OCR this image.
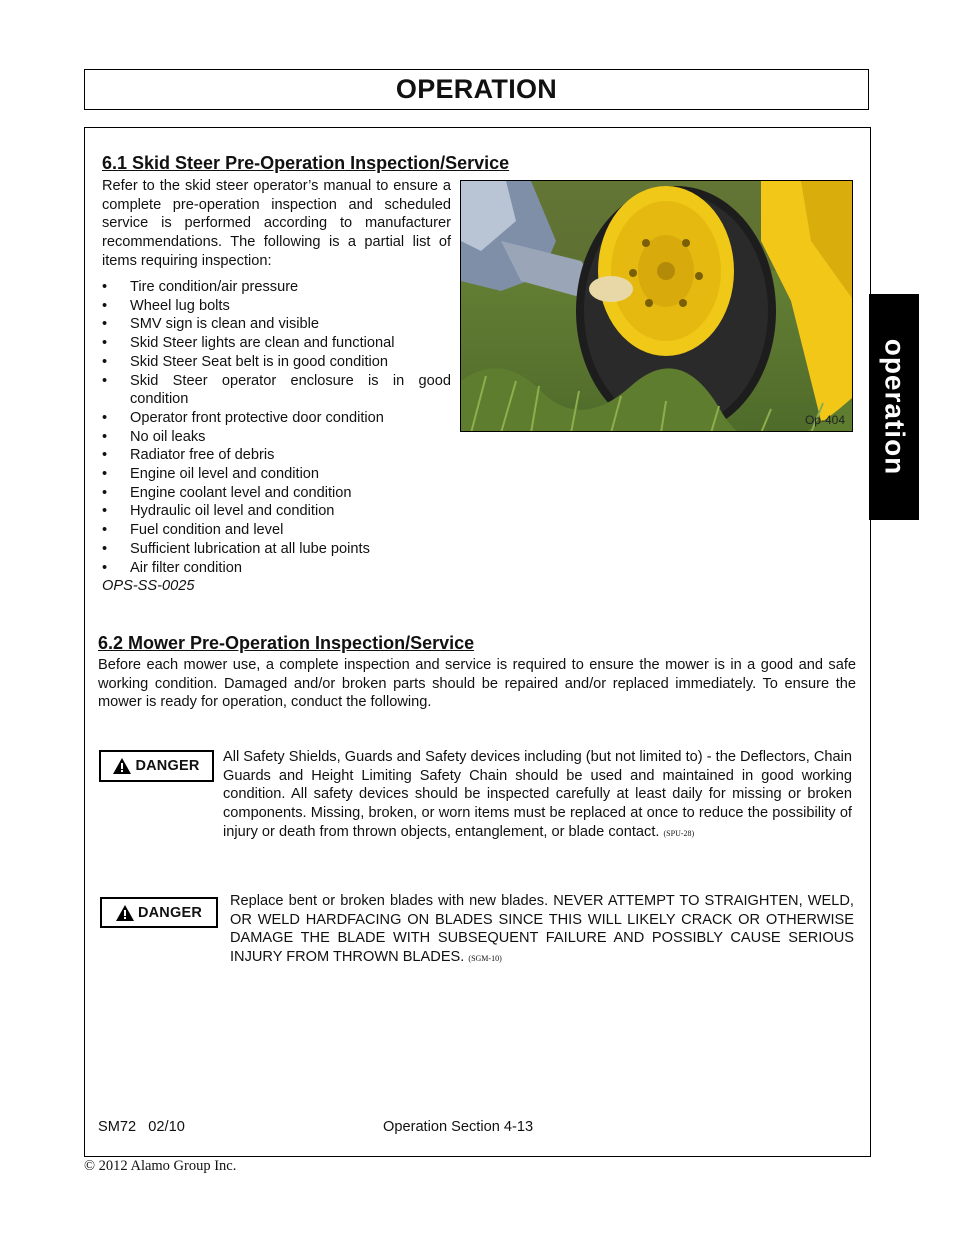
OPERATION
operation
6.1 Skid Steer Pre-Operation Inspection/Service

Refer to the skid steer operator’s manual to ensure a complete pre-operation inspection and scheduled service is performed according to manufacturer recommendations. The following is a partial list of items requiring inspection:

• Tire condition/air pressure
• Wheel lug bolts
• SMV sign is clean and visible
• Skid Steer lights are clean and functional
• Skid Steer Seat belt is in good condition
• Skid Steer operator enclosure is in good condition
• Operator front protective door condition
• No oil leaks
• Radiator free of debris
• Engine oil level and condition
• Engine coolant level and condition
• Hydraulic oil level and condition
• Fuel condition and level
• Sufficient lubrication at all lube points
• Air filter condition
OPS-SS-0025
Op-404
6.2 Mower Pre-Operation Inspection/Service

Before each mower use, a complete inspection and service is required to ensure the mower is in a good and safe working condition. Damaged and/or broken parts should be repaired and/or replaced immediately. To ensure the mower is ready for operation, conduct the following.

DANGER

All Safety Shields, Guards and Safety devices including (but not limited to) - the Deflectors, Chain Guards and Height Limiting Safety Chain should be used and maintained in good working condition. All safety devices should be inspected carefully at least daily for missing or broken components. Missing, broken, or worn items must be replaced at once to reduce the possibility of injury or death from thrown objects, entanglement, or blade contact. (SPU-28)

DANGER

Replace bent or broken blades with new blades. NEVER ATTEMPT TO STRAIGHTEN, WELD, OR WELD HARDFACING ON BLADES SINCE THIS WILL LIKELY CRACK OR OTHERWISE DAMAGE THE BLADE WITH SUBSEQUENT FAILURE AND POSSIBLY CAUSE SERIOUS INJURY FROM THROWN BLADES. (SGM-10)

SM72 02/10	Operation Section 4-13
© 2012 Alamo Group Inc.
